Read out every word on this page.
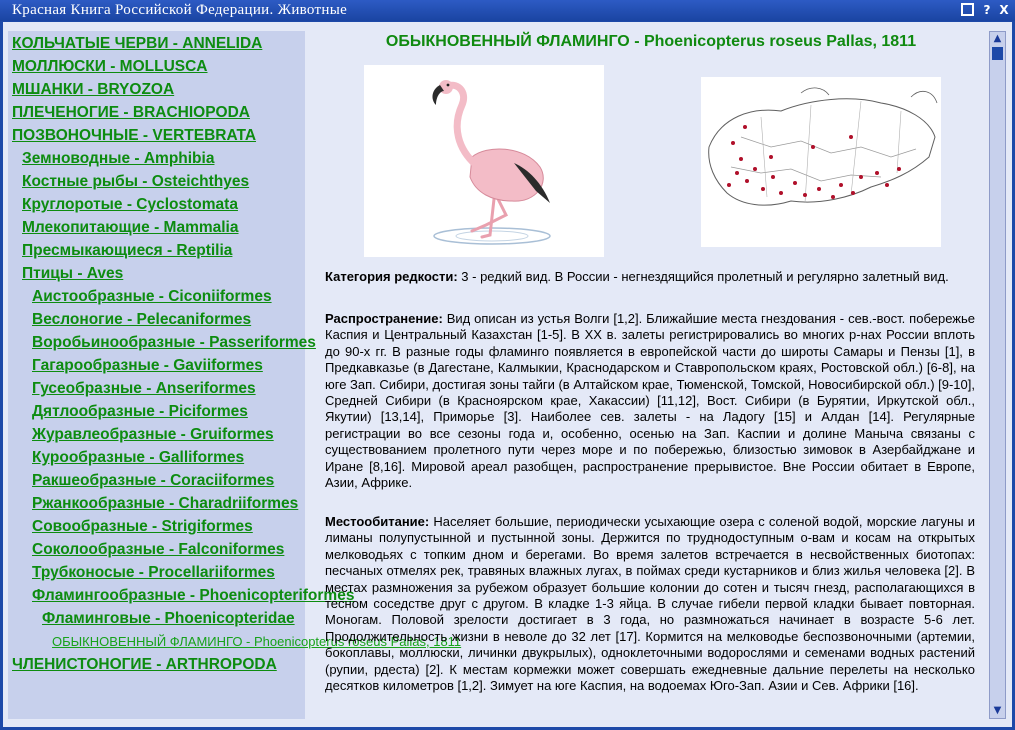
Красная Книга Российской Федерации. Животные	? X
КОЛЬЧАТЫЕ ЧЕРВИ - ANNELIDA
МОЛЛЮСКИ - MOLLUSCA
МШАНКИ - BRYOZOA
ПЛЕЧЕНОГИЕ - BRACHIOPODA
ПОЗВОНОЧНЫЕ - VERTEBRATA
Земноводные - Amphibia
Костные рыбы - Osteichthyes
Круглоротые - Cyclostomata
Млекопитающие - Mammalia
Пресмыкающиеся - Reptilia
Птицы - Aves
Аистообразные - Ciconiiformes
Веслоногие - Pelecaniformes
Воробьинообразные - Passeriformes
Гагарообразные - Gaviiformes
Гусеобразные - Anseriformes
Дятлообразные - Piciformes
Журавлеобразные - Gruiformes
Курообразные - Galliformes
Ракшеобразные - Coraciiformes
Ржанкообразные - Charadriiformes
Совообразные - Strigiformes
Соколообразные - Falconiformes
Трубконосые - Procellariiformes
Фламингообразные - Phoenicopteriformes
Фламинговые - Phoenicopteridae
ОБЫКНОВЕННЫЙ ФЛАМИНГО - Phoenicopterus roseus Pallas, 1811
ЧЛЕНИСТОНОГИЕ - ARTHROPODA
ОБЫКНОВЕННЫЙ ФЛАМИНГО - Phoenicopterus roseus Pallas, 1811
Категория редкости: 3 - редкий вид. В России - негнездящийся пролетный и регулярно залетный вид.
Распространение: Вид описан из устья Волги [1,2]. Ближайшие места гнездования - сев.-вост. побережье Каспия и Центральный Казахстан [1-5]. В XX в. залеты регистрировались во многих р-нах России вплоть до 90-х гг. В разные годы фламинго появляется в европейской части до широты Самары и Пензы [1], в Предкавказье (в Дагестане, Калмыкии, Краснодарском и Ставропольском краях, Ростовской обл.) [6-8], на юге Зап. Сибири, достигая зоны тайги (в Алтайском крае, Тюменской, Томской, Новосибирской обл.) [9-10], Средней Сибири (в Красноярском крае, Хакассии) [11,12], Вост. Сибири (в Бурятии, Иркутской обл., Якутии) [13,14], Приморье [3]. Наиболее сев. залеты - на Ладогу [15] и Алдан [14]. Регулярные регистрации во все сезоны года и, особенно, осенью на Зап. Каспии и долине Маныча связаны с существованием пролетного пути через море и по побережью, близостью зимовок в Азербайджане и Иране [8,16]. Мировой ареал разобщен, распространение прерывистое. Вне России обитает в Европе, Азии, Африке.
Местообитание: Населяет большие, периодически усыхающие озера с соленой водой, морские лагуны и лиманы полупустынной и пустынной зоны. Держится по труднодоступным о-вам и косам на открытых мелководьях с топким дном и берегами. Во время залетов встречается в несвойственных биотопах: песчаных отмелях рек, травяных влажных лугах, в поймах среди кустарников и близ жилья человека [2]. В местах размножения за рубежом образует большие колонии до сотен и тысяч гнезд, располагающихся в тесном соседстве друг с другом. В кладке 1-3 яйца. В случае гибели первой кладки бывает повторная. Моногам. Половой зрелости достигает в 3 года, но размножаться начинает в возрасте 5-6 лет. Продолжительность жизни в неволе до 32 лет [17]. Кормится на мелководье беспозвоночными (артемии, бокоплавы, моллюски, личинки двукрылых), одноклеточными водорослями и семенами водных растений (рупии, рдеста) [2]. К местам кормежки может совершать ежедневные дальние перелеты на несколько десятков километров [1,2]. Зимует на юге Каспия, на водоемах Юго-Зап. Азии и Сев. Африки [16].
▲
▼
